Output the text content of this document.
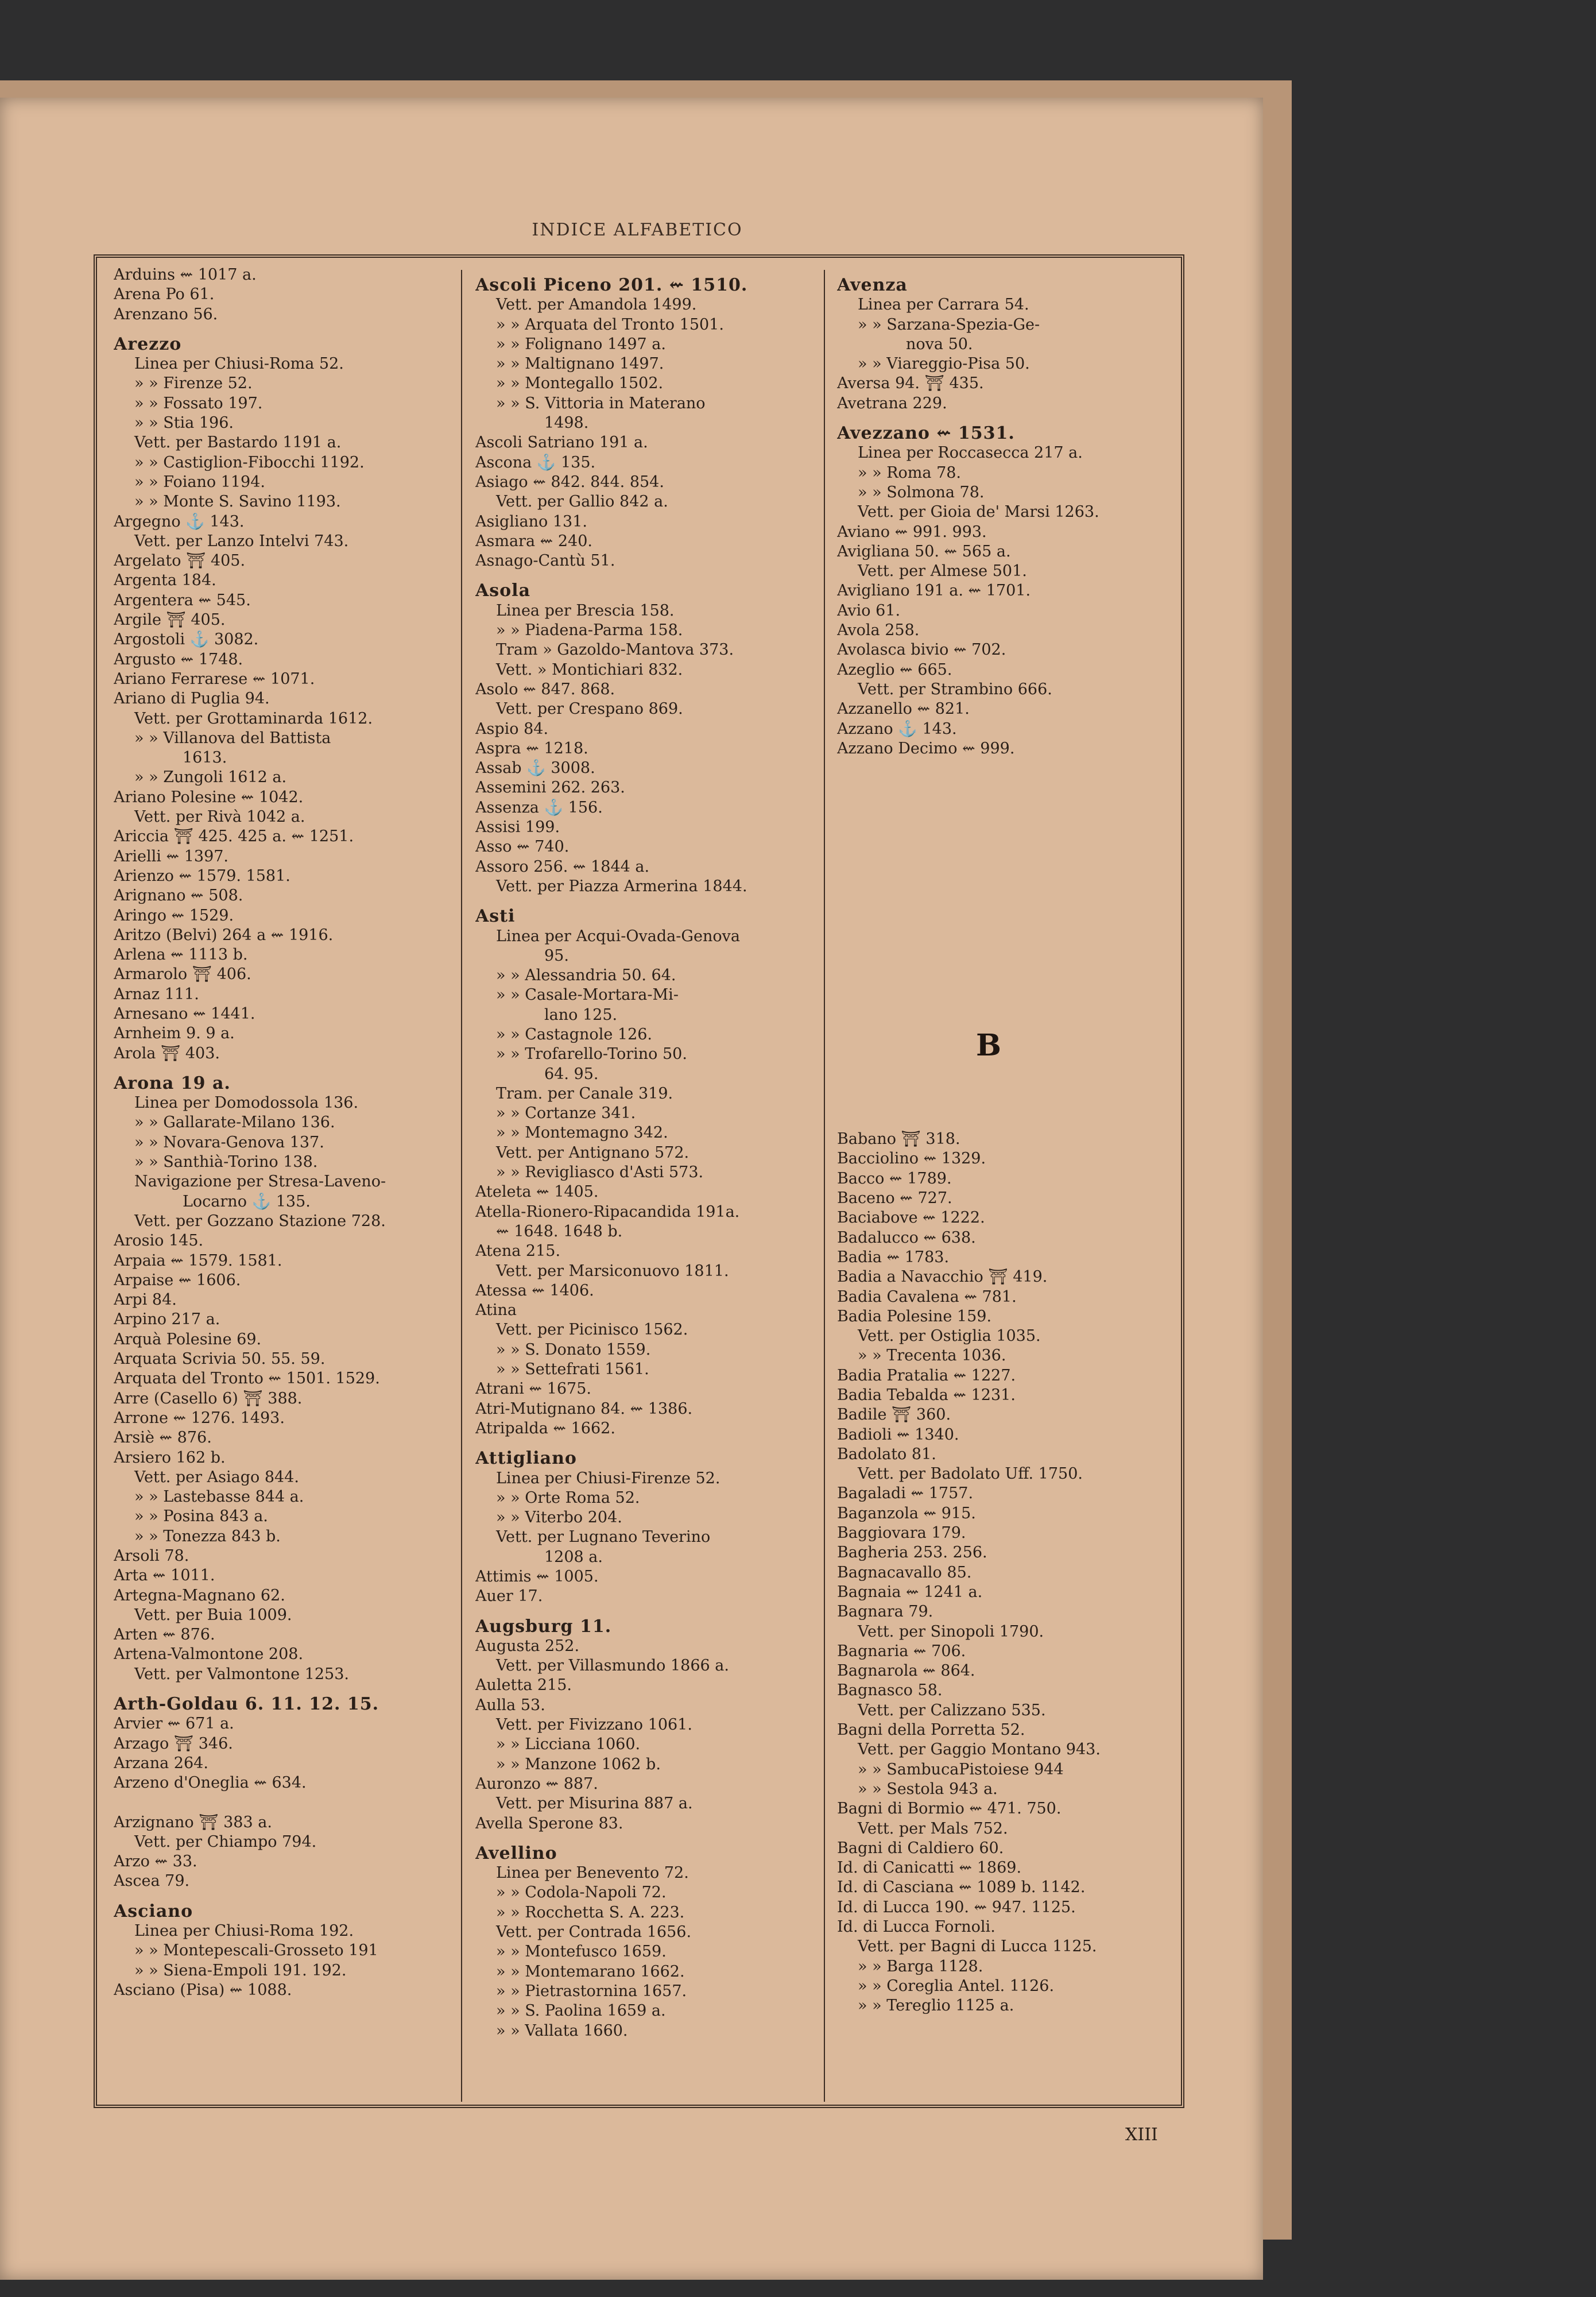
INDICE ALFABETICO
Arduins ⇜ 1017 a.
Arena Po 61.
Arenzano 56.
Arezzo
Linea per Chiusi-Roma 52.
» » Firenze 52.
» » Fossato 197.
» » Stia 196.
Vett. per Bastardo 1191 a.
» » Castiglion-Fibocchi 1192.
» » Foiano 1194.
» » Monte S. Savino 1193.
Argegno ⚓ 143.
Vett. per Lanzo Intelvi 743.
Argelato ⛩ 405.
Argenta 184.
Argentera ⇜ 545.
Argile ⛩ 405.
Argostoli ⚓ 3082.
Argusto ⇜ 1748.
Ariano Ferrarese ⇜ 1071.
Ariano di Puglia 94.
Vett. per Grottaminarda 1612.
» » Villanova del Battista
1613.
» » Zungoli 1612 a.
Ariano Polesine ⇜ 1042.
Vett. per Rivà 1042 a.
Ariccia ⛩ 425. 425 a. ⇜ 1251.
Arielli ⇜ 1397.
Arienzo ⇜ 1579. 1581.
Arignano ⇜ 508.
Aringo ⇜ 1529.
Aritzo (Belvi) 264 a ⇜ 1916.
Arlena ⇜ 1113 b.
Armarolo ⛩ 406.
Arnaz 111.
Arnesano ⇜ 1441.
Arnheim 9. 9 a.
Arola ⛩ 403.
Arona 19 a.
Linea per Domodossola 136.
» » Gallarate-Milano 136.
» » Novara-Genova 137.
» » Santhià-Torino 138.
Navigazione per Stresa-Laveno-
Locarno ⚓ 135.
Vett. per Gozzano Stazione 728.
Arosio 145.
Arpaia ⇜ 1579. 1581.
Arpaise ⇜ 1606.
Arpi 84.
Arpino 217 a.
Arquà Polesine 69.
Arquata Scrivia 50. 55. 59.
Arquata del Tronto ⇜ 1501. 1529.
Arre (Casello 6) ⛩ 388.
Arrone ⇜ 1276. 1493.
Arsiè ⇜ 876.
Arsiero 162 b.
Vett. per Asiago 844.
» » Lastebasse 844 a.
» » Posina 843 a.
» » Tonezza 843 b.
Arsoli 78.
Arta ⇜ 1011.
Artegna-Magnano 62.
Vett. per Buia 1009.
Arten ⇜ 876.
Artena-Valmontone 208.
Vett. per Valmontone 1253.
Arth-Goldau 6. 11. 12. 15.
Arvier ⇜ 671 a.
Arzago ⛩ 346.
Arzana 264.
Arzeno d'Oneglia ⇜ 634.
Arzignano ⛩ 383 a.
Vett. per Chiampo 794.
Arzo ⇜ 33.
Ascea 79.
Asciano
Linea per Chiusi-Roma 192.
» » Montepescali-Grosseto 191
» » Siena-Empoli 191. 192.
Asciano (Pisa) ⇜ 1088.
Ascoli Piceno 201. ⇜ 1510.
Vett. per Amandola 1499.
» » Arquata del Tronto 1501.
» » Folignano 1497 a.
» » Maltignano 1497.
» » Montegallo 1502.
» » S. Vittoria in Materano
1498.
Ascoli Satriano 191 a.
Ascona ⚓ 135.
Asiago ⇜ 842. 844. 854.
Vett. per Gallio 842 a.
Asigliano 131.
Asmara ⇜ 240.
Asnago-Cantù 51.
Asola
Linea per Brescia 158.
» » Piadena-Parma 158.
Tram » Gazoldo-Mantova 373.
Vett. » Montichiari 832.
Asolo ⇜ 847. 868.
Vett. per Crespano 869.
Aspio 84.
Aspra ⇜ 1218.
Assab ⚓ 3008.
Assemini 262. 263.
Assenza ⚓ 156.
Assisi 199.
Asso ⇜ 740.
Assoro 256. ⇜ 1844 a.
Vett. per Piazza Armerina 1844.
Asti
Linea per Acqui-Ovada-Genova
95.
» » Alessandria 50. 64.
» » Casale-Mortara-Mi-
lano 125.
» » Castagnole 126.
» » Trofarello-Torino 50.
64. 95.
Tram. per Canale 319.
» » Cortanze 341.
» » Montemagno 342.
Vett. per Antignano 572.
» » Revigliasco d'Asti 573.
Ateleta ⇜ 1405.
Atella-Rionero-Ripacandida 191a.
⇜ 1648. 1648 b.
Atena 215.
Vett. per Marsiconuovo 1811.
Atessa ⇜ 1406.
Atina
Vett. per Picinisco 1562.
» » S. Donato 1559.
» » Settefrati 1561.
Atrani ⇜ 1675.
Atri-Mutignano 84. ⇜ 1386.
Atripalda ⇜ 1662.
Attigliano
Linea per Chiusi-Firenze 52.
» » Orte Roma 52.
» » Viterbo 204.
Vett. per Lugnano Teverino
1208 a.
Attimis ⇜ 1005.
Auer 17.
Augsburg 11.
Augusta 252.
Vett. per Villasmundo 1866 a.
Auletta 215.
Aulla 53.
Vett. per Fivizzano 1061.
» » Licciana 1060.
» » Manzone 1062 b.
Auronzo ⇜ 887.
Vett. per Misurina 887 a.
Avella Sperone 83.
Avellino
Linea per Benevento 72.
» » Codola-Napoli 72.
» » Rocchetta S. A. 223.
Vett. per Contrada 1656.
» » Montefusco 1659.
» » Montemarano 1662.
» » Pietrastornina 1657.
» » S. Paolina 1659 a.
» » Vallata 1660.
Avenza
Linea per Carrara 54.
» » Sarzana-Spezia-Ge-
nova 50.
» » Viareggio-Pisa 50.
Aversa 94. ⛩ 435.
Avetrana 229.
Avezzano ⇜ 1531.
Linea per Roccasecca 217 a.
» » Roma 78.
» » Solmona 78.
Vett. per Gioia de' Marsi 1263.
Aviano ⇜ 991. 993.
Avigliana 50. ⇜ 565 a.
Vett. per Almese 501.
Avigliano 191 a. ⇜ 1701.
Avio 61.
Avola 258.
Avolasca bivio ⇜ 702.
Azeglio ⇜ 665.
Vett. per Strambino 666.
Azzanello ⇜ 821.
Azzano ⚓ 143.
Azzano Decimo ⇜ 999.
Babano ⛩ 318.
Bacciolino ⇜ 1329.
Bacco ⇜ 1789.
Baceno ⇜ 727.
Baciabove ⇜ 1222.
Badalucco ⇜ 638.
Badia ⇜ 1783.
Badia a Navacchio ⛩ 419.
Badia Cavalena ⇜ 781.
Badia Polesine 159.
Vett. per Ostiglia 1035.
» » Trecenta 1036.
Badia Pratalia ⇜ 1227.
Badia Tebalda ⇜ 1231.
Badile ⛩ 360.
Badioli ⇜ 1340.
Badolato 81.
Vett. per Badolato Uff. 1750.
Bagaladi ⇜ 1757.
Baganzola ⇜ 915.
Baggiovara 179.
Bagheria 253. 256.
Bagnacavallo 85.
Bagnaia ⇜ 1241 a.
Bagnara 79.
Vett. per Sinopoli 1790.
Bagnaria ⇜ 706.
Bagnarola ⇜ 864.
Bagnasco 58.
Vett. per Calizzano 535.
Bagni della Porretta 52.
Vett. per Gaggio Montano 943.
» » SambucaPistoiese 944
» » Sestola 943 a.
Bagni di Bormio ⇜ 471. 750.
Vett. per Mals 752.
Bagni di Caldiero 60.
Id. di Canicatti ⇜ 1869.
Id. di Casciana ⇜ 1089 b. 1142.
Id. di Lucca 190. ⇜ 947. 1125.
Id. di Lucca Fornoli.
Vett. per Bagni di Lucca 1125.
» » Barga 1128.
» » Coreglia Antel. 1126.
» » Tereglio 1125 a.
B
XIII
